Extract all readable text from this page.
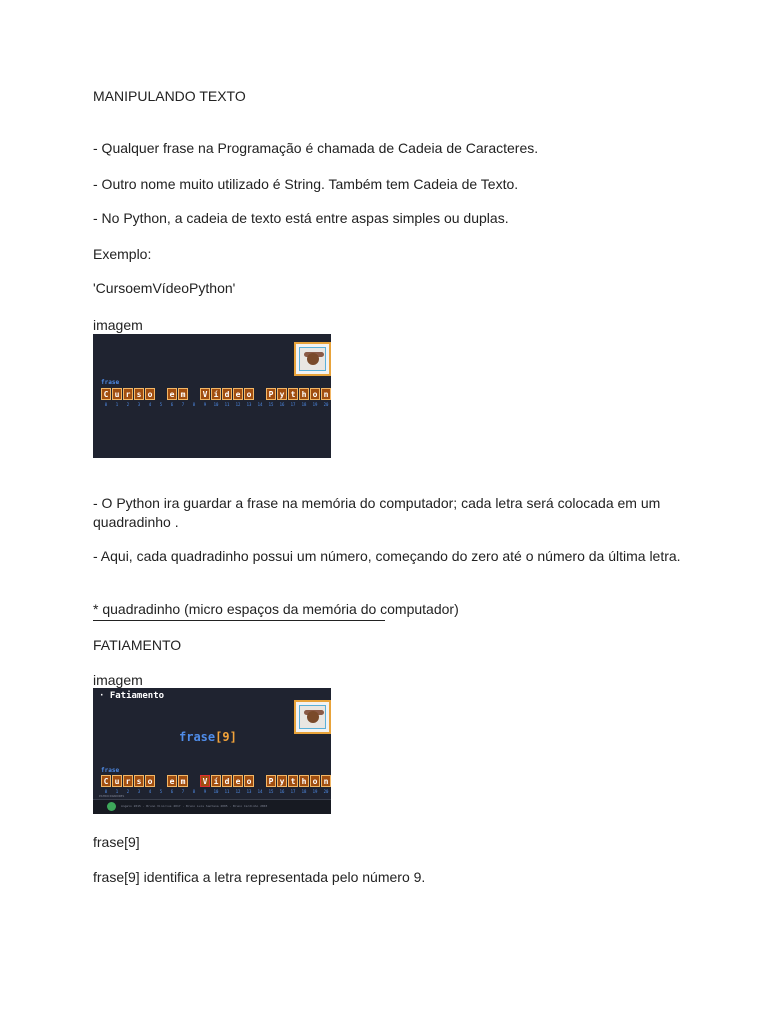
MANIPULANDO TEXTO
- Qualquer frase na Programação é chamada de Cadeia de Caracteres.
- Outro nome muito utilizado é String. Também tem Cadeia de Texto.
- No Python, a cadeia de texto está entre aspas simples ou duplas.
Exemplo:
'CursoemVídeoPython'
imagem
frase
C u r s o	e m	V í d e o	P y t h o n
0	1	2	3	4	5	6	7	8	9	10	11	12	13	14	15	16	17	18	19	20
- O Python ira guardar a frase na memória do computador; cada letra será colocada em um quadradinho .
- Aqui, cada quadradinho possui um número, começando do zero até o número da última letra.
* quadradinho (micro espaços da memória do computador)
FATIAMENTO
imagem
· Fatiamento
frase[9]
frase
C u r s o	e m	V í d e o	P y t h o n
0	1	2	3	4	5	6	7	8	9	10	11	12	13	14	15	16	17	18	19	20
PATROCINADORES
Angelo 2015 · Bruno Vinicius 2017 · Bruno Luis Santana 2005 · Bruno Cardinho 2003
frase[9]
frase[9] identifica a letra representada pelo número 9.
